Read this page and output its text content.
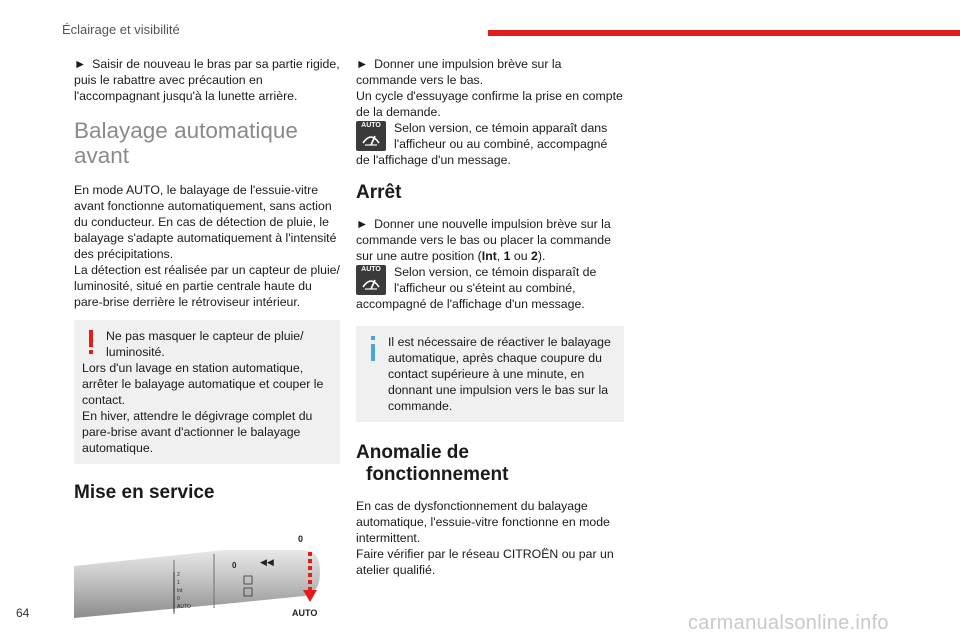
Éclairage et visibilité

► Saisir de nouveau le bras par sa partie rigide, puis le rabattre avec précaution en l'accompagnant jusqu'à la lunette arrière.

Balayage automatique
avant

En mode AUTO, le balayage de l'essuie-vitre avant fonctionne automatiquement, sans action du conducteur. En cas de détection de pluie, le balayage s'adapte automatiquement à l'intensité des précipitations.

La détection est réalisée par un capteur de pluie/ luminosité, situé en partie centrale haute du pare-brise derrière le rétroviseur intérieur.

Ne pas masquer le capteur de pluie/ luminosité.

Lors d'un lavage en station automatique, arrêter le balayage automatique et couper le contact.

En hiver, attendre le dégivrage complet du pare-brise avant d'actionner le balayage automatique.

Mise en service
2
1
Int
0
AUTO
0	◀◀
0
AUTO

► Donner une impulsion brève sur la commande vers le bas.

Un cycle d'essuyage confirme la prise en compte de la demande.

AUTO	Selon version, ce témoin apparaît dans l'afficheur ou au combiné, accompagné de l'affichage d'un message.

Arrêt

► Donner une nouvelle impulsion brève sur la commande vers le bas ou placer la commande sur une autre position (Int, 1 ou 2).

AUTO	Selon version, ce témoin disparaît de l'afficheur ou s'éteint au combiné, accompagné de l'affichage d'un message.

Il est nécessaire de réactiver le balayage automatique, après chaque coupure du contact supérieure à une minute, en donnant une impulsion vers le bas sur la commande.

Anomalie de
fonctionnement

En cas de dysfonctionnement du balayage automatique, l'essuie-vitre fonctionne en mode intermittent.

Faire vérifier par le réseau CITROËN ou par un atelier qualifié.

64	carmanualsonline.info
